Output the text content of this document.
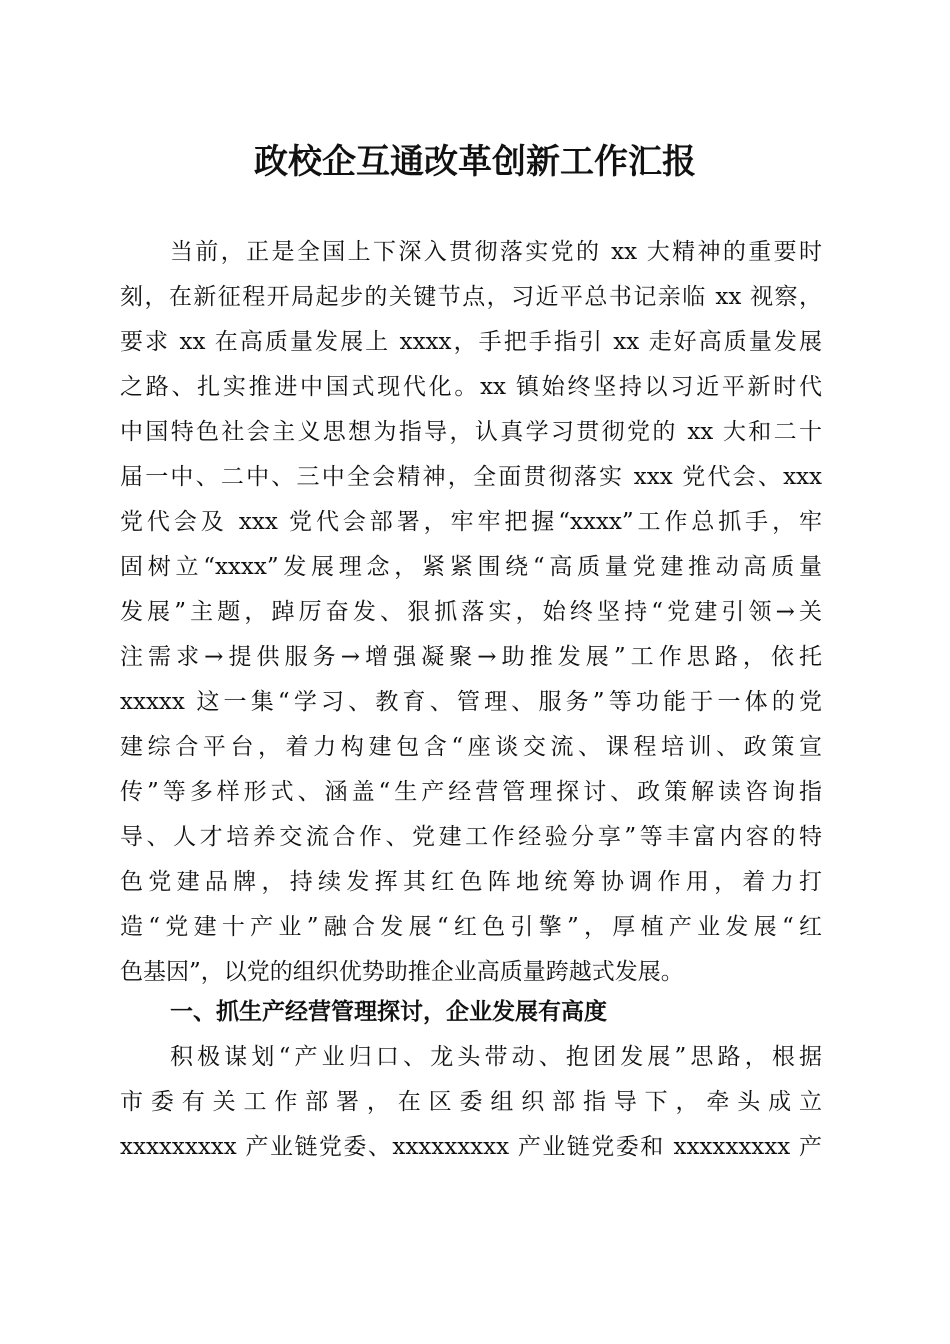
政校企互通改革创新工作汇报
当前，正是全国上下深入贯彻落实党的 xx 大精神的重要时
刻，在新征程开局起步的关键节点，习近平总书记亲临 xx 视察，
要求 xx 在高质量发展上 xxxx，手把手指引 xx 走好高质量发展
之路、扎实推进中国式现代化。xx 镇始终坚持以习近平新时代
中国特色社会主义思想为指导，认真学习贯彻党的 xx 大和二十
届一中、二中、三中全会精神，全面贯彻落实 xxx 党代会、xxx
党代会及 xxx 党代会部署，牢牢把握“xxxx”工作总抓手，牢
固树立“xxxx”发展理念，紧紧围绕“高质量党建推动高质量
发展”主题，踔厉奋发、狠抓落实，始终坚持“党建引领→关
注需求→提供服务→增强凝聚→助推发展”工作思路，依托
xxxxx 这一集“学习、教育、管理、服务”等功能于一体的党
建综合平台，着力构建包含“座谈交流、课程培训、政策宣
传”等多样形式、涵盖“生产经营管理探讨、政策解读咨询指
导、人才培养交流合作、党建工作经验分享”等丰富内容的特
色党建品牌，持续发挥其红色阵地统筹协调作用，着力打
造“党建十产业”融合发展“红色引擎”，厚植产业发展“红
色基因”，以党的组织优势助推企业高质量跨越式发展。
一、抓生产经营管理探讨，企业发展有高度
积极谋划“产业归口、龙头带动、抱团发展”思路，根据
市委有关工作部署，在区委组织部指导下，牵头成立
xxxxxxxxx 产业链党委、xxxxxxxxx 产业链党委和 xxxxxxxxx 产
